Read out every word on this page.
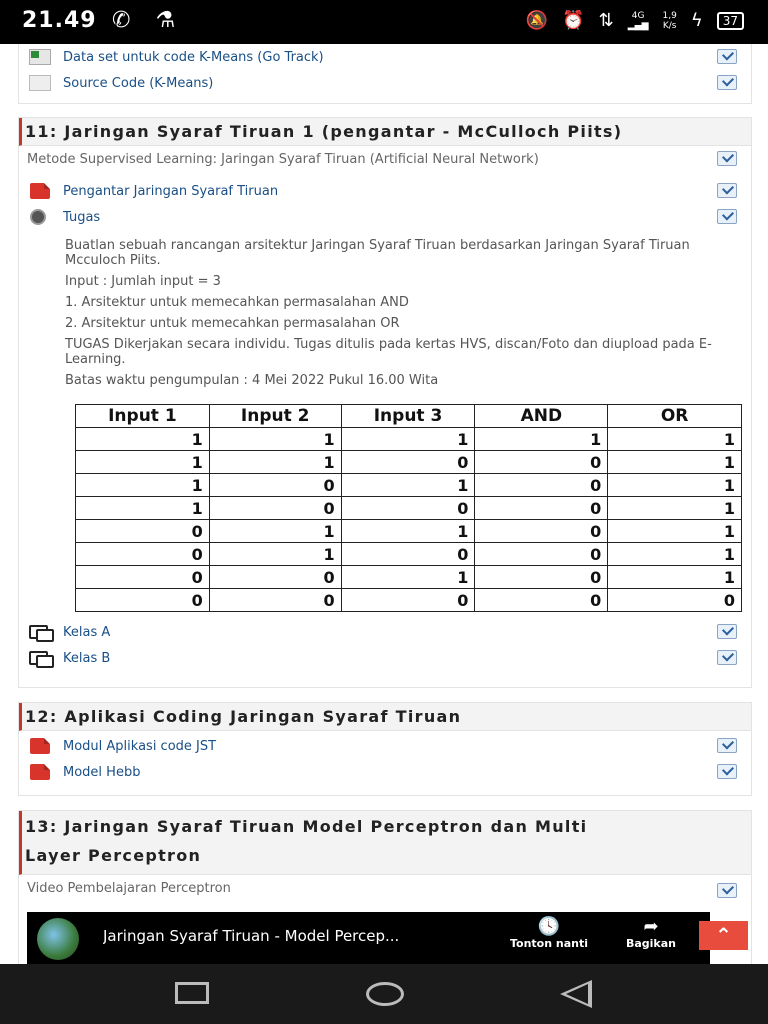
21.49 ✆ ⚗	🔕 ⏰ ⇅	4G
▂▄▆
1,9
K/s ϟ	37
Data set untuk code K-Means (Go Track)
Source Code (K-Means)
11: Jaringan Syaraf Tiruan 1 (pengantar - McCulloch Piits)
Metode Supervised Learning: Jaringan Syaraf Tiruan (Artificial Neural Network)
Pengantar Jaringan Syaraf Tiruan
Tugas

Buatlan sebuah rancangan arsitektur Jaringan Syaraf Tiruan berdasarkan Jaringan Syaraf Tiruan Mcculoch Piits.

Input : Jumlah input = 3

1. Arsitektur untuk memecahkan permasalahan AND

2. Arsitektur untuk memecahkan permasalahan OR

TUGAS Dikerjakan secara individu. Tugas ditulis pada kertas HVS, discan/Foto dan diupload pada E-Learning.

Batas waktu pengumpulan : 4 Mei 2022 Pukul 16.00 Wita

Kelas A
Kelas B
Input 1	Input 2	Input 3	AND	OR
1	1	1	1	1
1	1	0	0	1
1	0	1	0	1
1	0	0	0	1
0	1	1	0	1
0	1	0	0	1
0	0	1	0	1
0	0	0	0	0
12: Aplikasi Coding Jaringan Syaraf Tiruan
Modul Aplikasi code JST
Model Hebb
13: Jaringan Syaraf Tiruan Model Perceptron dan Multi
Layer Perceptron
Video Pembelajaran Perceptron
Jaringan Syaraf Tiruan - Model Percep...	🕓
Tonton nanti
➦
Bagikan	⌃
